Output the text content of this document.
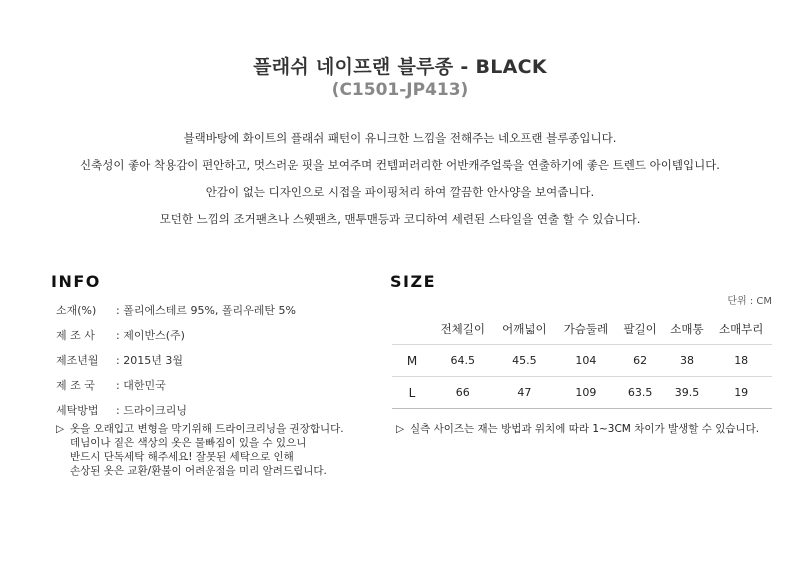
플래쉬 네이프랜 블루종 - BLACK
(C1501-JP413)

블랙바탕에 화이트의 플래쉬 패턴이 유니크한 느낌을 전해주는 네오프랜 블루종입니다.

신축성이 좋아 착용감이 편안하고, 멋스러운 핏을 보여주며 컨템퍼러리한 어반캐주얼룩을 연출하기에 좋은 트렌드 아이템입니다.

안감이 없는 디자인으로 시접을 파이핑처리 하여 깔끔한 안사양을 보여줍니다.

모던한 느낌의 조거팬츠나 스웻팬츠, 맨투맨등과 코디하여 세련된 스타일을 연출 할 수 있습니다.

INFO
소재(%) : 폴리에스테르 95%, 폴리우레탄 5%
제 조 사 : 제이반스(주)
제조년월 : 2015년 3월
제 조 국 : 대한민국
세탁방법 : 드라이크리닝
▷ 옷을 오래입고 변형을 막기위해 드라이크리닝을 권장합니다.
데님이나 짙은 색상의 옷은 물빠짐이 있을 수 있으니
반드시 단독세탁 해주세요! 잘못된 세탁으로 인해
손상된 옷은 교환/환불이 어려운점을 미리 알려드립니다.
SIZE
단위 : CM
	전체길이	어깨넓이	가슴둘레	팔길이	소매통	소매부리
M	64.5	45.5	104	62	38	18
L	66	47	109	63.5	39.5	19
▷ 실측 사이즈는 재는 방법과 위치에 따라 1~3CM 차이가 발생할 수 있습니다.
